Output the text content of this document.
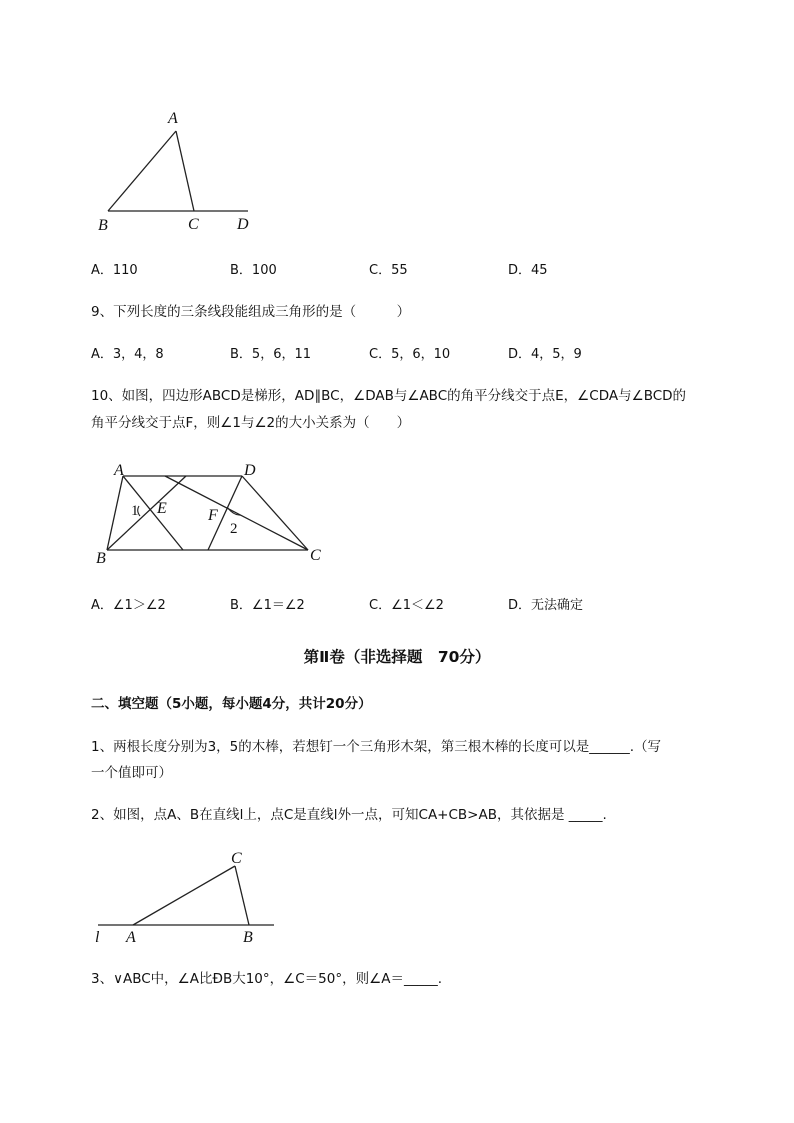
A
B	C D
A．110	B．100	C．55	D．45
9、下列长度的三条线段能组成三角形的是（　　　）
A．3，4，8	B．5，6，11	C．5，6，10	D．4，5，9
10、如图，四边形ABCD是梯形，AD∥BC，∠DAB与∠ABC的角平分线交于点E，∠CDA与∠BCD的
角平分线交于点F，则∠1与∠2的大小关系为（　　）
A	D
B	C
E	F
1
2
A．∠1＞∠2	B．∠1＝∠2	C．∠1＜∠2	D．无法确定
第Ⅱ卷（非选择题　70分）
二、填空题（5小题，每小题4分，共计20分）
1、两根长度分别为3，5的木棒，若想钉一个三角形木架，第三根木棒的长度可以是______.（写
一个值即可）
2、如图，点A、B在直线l上，点C是直线l外一点，可知CA+CB>AB，其依据是 _____.
C
l A	B
3、∨ABC中，∠A比ÐB大10°，∠C＝50°，则∠A＝_____.
